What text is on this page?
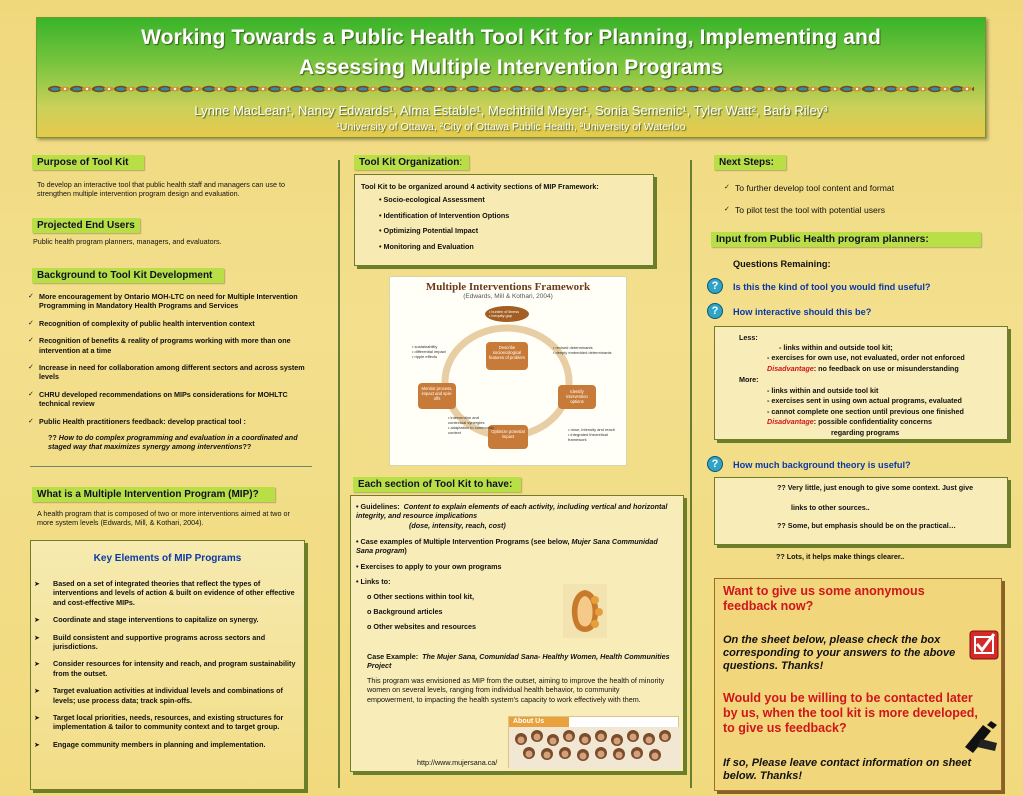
Working Towards a Public Health Tool Kit for Planning, Implementing and
Assessing Multiple Intervention Programs
Lynne MacLean¹, Nancy Edwards¹, Alma Estable¹, Mechthild Meyer¹, Sonia Semenic¹, Tyler Watt², Barb Riley³
¹University of Ottawa, ²City of Ottawa Public Health, ³University of Waterloo
Purpose of Tool Kit
To develop an interactive tool that public health staff and managers can use to strengthen multiple intervention program design and evaluation.
Projected End Users
Public health program planners, managers, and evaluators.
Background to Tool Kit Development
✓ More encouragement by Ontario MOH-LTC on need for Multiple Intervention Programming in Mandatory Health Programs and Services
✓ Recognition of complexity of public health intervention context
✓ Recognition of benefits & reality of programs working with more than one intervention at a time
✓ Increase in need for collaboration among different sectors and across system levels
✓ CHRU developed recommendations on MIPs considerations for MOHLTC technical review
✓ Public Health practitioners feedback: develop practical tool :
?? How to do complex programming and evaluation in a coordinated and staged way that maximizes synergy among interventions??
What is a Multiple Intervention Program (MIP)?
A health program that is composed of two or more interventions aimed at two or more system levels (Edwards, Mill, & Kothari, 2004).
Key Elements of MIP Programs
➤ Based on a set of integrated theories that reflect the types of interventions and levels of action & built on evidence of other effective and cost-effective MIPs.
➤ Coordinate and stage interventions to capitalize on synergy.
➤ Build consistent and supportive programs across sectors and jurisdictions.
➤ Consider resources for intensity and reach, and program sustainability from the outset.
➤ Target evaluation activities at individual levels and combinations of levels; use process data; track spin-offs.
➤ Target local priorities, needs, resources, and existing structures for implementation & tailor to community context and to target group.
➤ Engage community members in planning and implementation.
Tool Kit Organization:
Tool Kit to be organized around 4 activity sections of MIP Framework:
• Socio-ecological Assessment
• Identification of Intervention Options
• Optimizing Potential Impact
• Monitoring and Evaluation
Multiple Interventions Framework
(Edwards, Mill & Kothari, 2004)
• burden of illness
• inequity gap
Describe socioecological features of problem
Identify intervention options
Optimize potential impact
Monitor process, impact and spin-offs
• revised determinants
• deeply embedded determinants
• dose, intensity and reach
• integrated theoretical framework
• intervention and contextual synergies
• adaptation to community context
• sustainability
• differential impact
• ripple effects
Each section of Tool Kit to have:
• Guidelines: Content to explain elements of each activity, including vertical and horizontal integrity, and resource implications
(dose, intensity, reach, cost)
• Case examples of Multiple Intervention Programs (see below, Mujer Sana Communidad Sana program)
• Exercises to apply to your own programs
• Links to:
o Other sections within tool kit,
o Background articles
o Other websites and resources
Case Example: The Mujer Sana, Comunidad Sana- Healthy Women, Health Communities Project
This program was envisioned as MIP from the outset, aiming to improve the health of minority women on several levels, ranging from individual health behavior, to community empowerment, to impacting the health system's capacity to work effectively with them.
About Us
http://www.mujersana.ca/
Next Steps:
✓ To further develop tool content and format
✓ To pilot test the tool with potential users
Input from Public Health program planners:
Questions Remaining:
?	Is this the kind of tool you would find useful?
?	How interactive should this be?
Less:
- links within and outside tool kit;
- exercises for own use, not evaluated, order not enforced
Disadvantage: no feedback on use or misunderstanding
More:
- links within and outside tool kit
- exercises sent in using own actual programs, evaluated
- cannot complete one section until previous one finished
Disadvantage: possible confidentiality concerns
regarding programs
?	How much background theory is useful?
?? Very little, just enough to give some context. Just give
links to other sources..
?? Some, but emphasis should be on the practical…
?? Lots, it helps make things clearer..
Want to give us some anonymous feedback now?
On the sheet below, please check the box corresponding to your answers to the above questions. Thanks!
Would you be willing to be contacted later by us, when the tool kit is more developed, to give us feedback?
If so, Please leave contact information on sheet below. Thanks!
